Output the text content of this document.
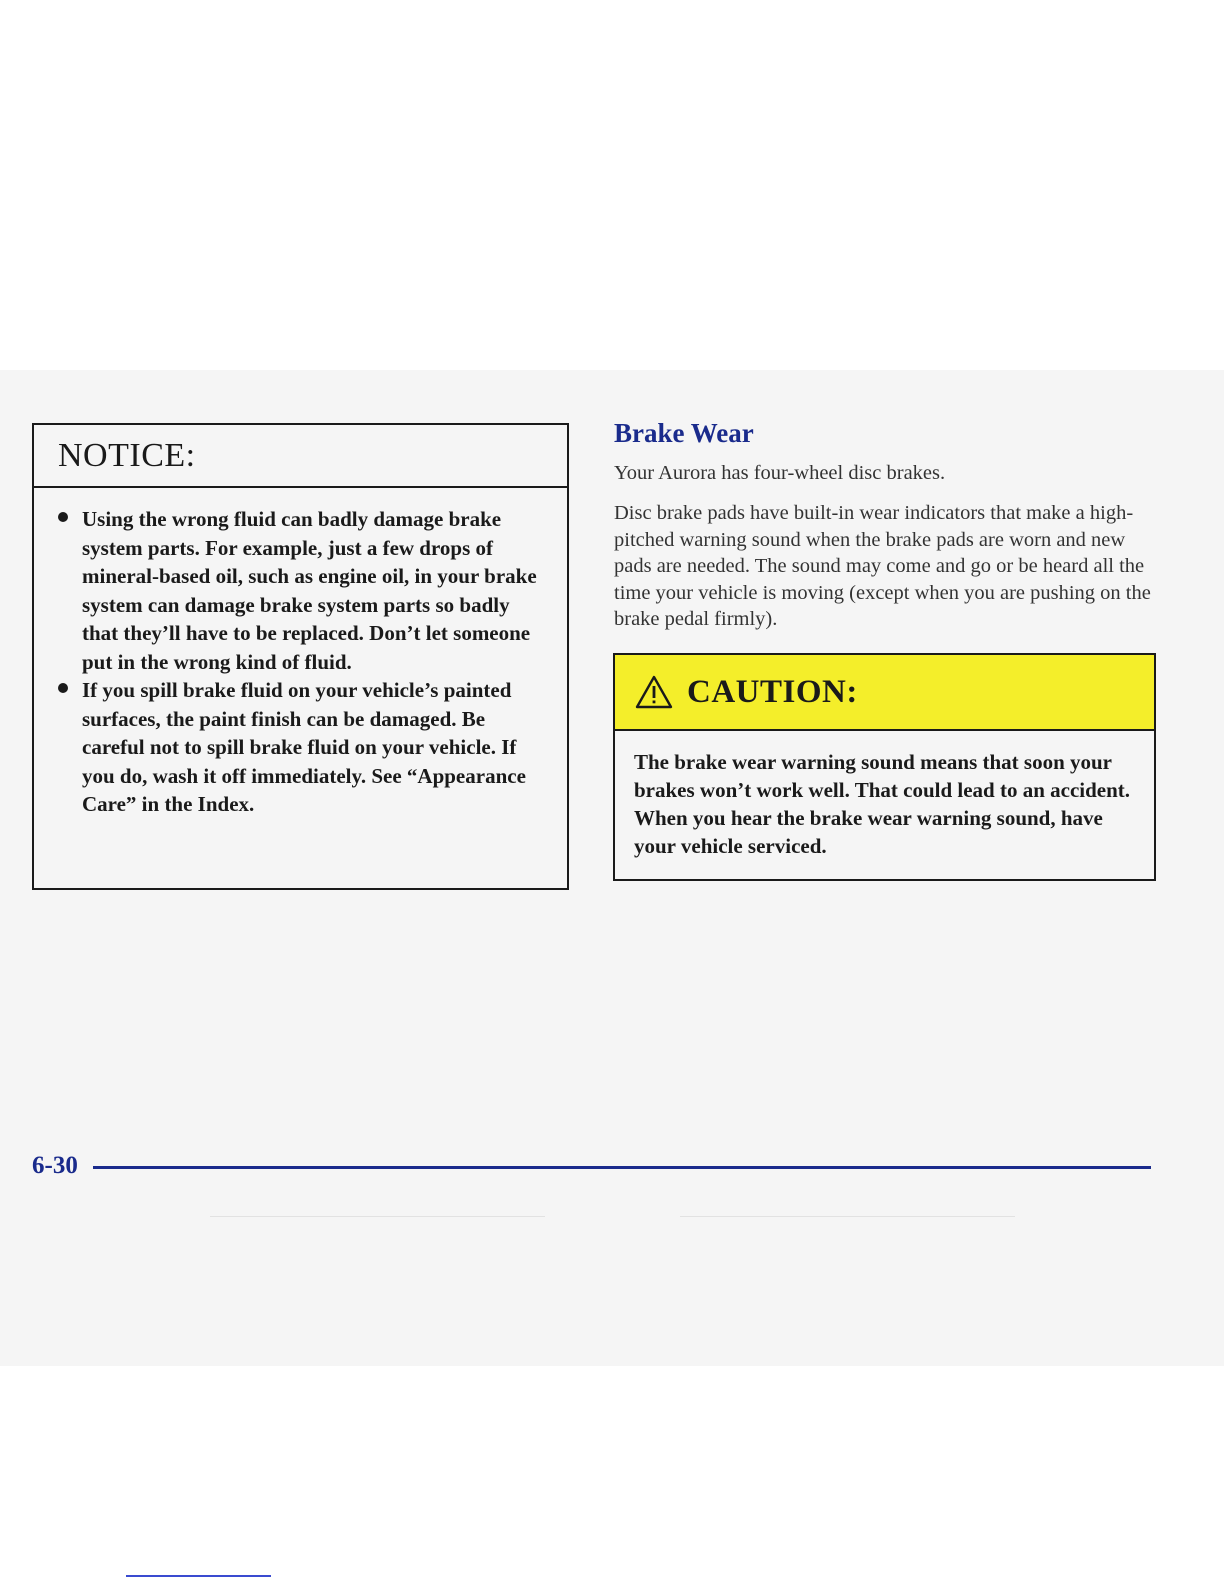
NOTICE:
Using the wrong fluid can badly damage brake system parts. For example, just a few drops of mineral-based oil, such as engine oil, in your brake system can damage brake system parts so badly that they’ll have to be replaced. Don’t let someone put in the wrong kind of fluid.
If you spill brake fluid on your vehicle’s painted surfaces, the paint finish can be damaged. Be careful not to spill brake fluid on your vehicle. If you do, wash it off immediately. See “Appearance Care” in the Index.
Brake Wear

Your Aurora has four-wheel disc brakes.

Disc brake pads have built-in wear indicators that make a high-pitched warning sound when the brake pads are worn and new pads are needed. The sound may come and go or be heard all the time your vehicle is moving (except when you are pushing on the brake pedal firmly).

CAUTION:

The brake wear warning sound means that soon your brakes won’t work well. That could lead to an accident. When you hear the brake wear warning sound, have your vehicle serviced.

6-30
